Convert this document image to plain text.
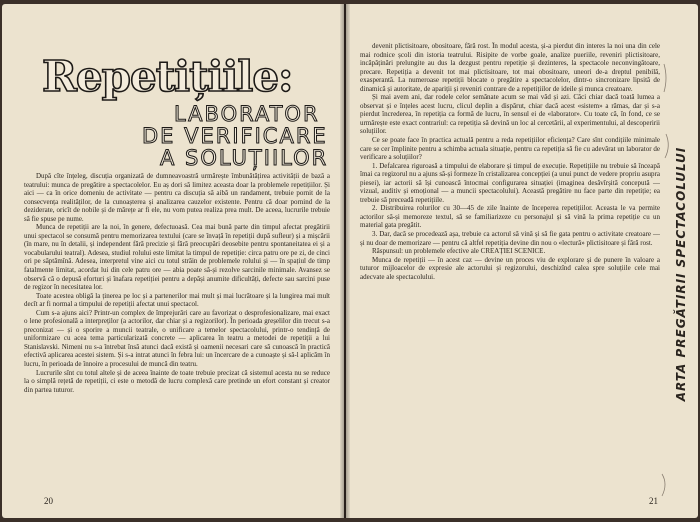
Repetițiile:
LABORATOR
DE VERIFICARE
A SOLUȚIILOR

După cîte înțeleg, discuția organizată de dumneavoastră urmărește îmbunătățirea activității de bază a teatrului: munca de pregătire a spectacolelor. Eu aș dori să limitez aceasta doar la problemele repetițiilor. Și aici — ca în orice domeniu de activitate — pentru ca discuția să aibă un randament, trebuie pornit de la consecvența realităților, de la cunoașterea și analizarea cauzelor existente. Pentru că doar pornind de la deziderate, oricît de nobile și de mărețe ar fi ele, nu vom putea realiza prea mult. De aceea, lucrurile trebuie să fie spuse pe nume.

Munca de repetiții are la noi, în genere, defectuoasă. Cea mai bună parte din timpul afectat pregătirii unui spectacol se consumă pentru memorizarea textului (care se învață în repetiții după sufleur) și a mișcării (în mare, nu în detalii, și independent fără precizie și fără preocupări deosebite pentru spontaneitatea ei și a vocabularului teatral). Adesea, studiul rolului este limitat la timpul de repetiție: circa patru ore pe zi, de cinci ori pe săptămînă. Adesea, interpretul vine aici cu totul străin de problemele rolului și — în spațiul de timp fatalmente limitat, acordat lui din cele patru ore — abia poate să-și rezolve sarcinile minimale. Avansez se observă că o depusă eforturi și înafara repetiției pentru a depăși anumite dificultăți, defecte sau sarcini puse de regizor în necesitatea lor.

Toate acestea obligă la ținerea pe loc și a partenerilor mai mult și mai lucrătoare și la lungirea mai mult decît ar fi normal a timpului de repetiții afectat unui spectacol.

Cum s-a ajuns aici? Printr-un complex de împrejurări care au favorizat o desprofesionalizare, mai exact o lene profesională a interpreților (a actorilor, dar chiar și a regizorilor). În perioada greșelilor din trecut s-a preconizat — și o sporire a muncii teatrale, o unificare a temelor spectacolului, printr-o tendință de uniformizare cu acea tema particularizată concrete — aplicarea în teatru a metodei de repetiții a lui Stanislavski. Nimeni nu s-a întrebat însă atunci dacă există și oamenii necesari care să cunoască în practică efectivă aplicarea acestei sistem. Și s-a intrat atunci în febra lui: un încercare de a cunoaște și să-l aplicăm în lucru, în perioada de înnoire a procesului de muncă din teatru.

Lucrurile sînt cu totul altele și de aceea înainte de toate trebuie precizat că sistemul acesta nu se reduce la o simplă rețetă de repetiții, ci este o metodă de lucru complexă care pretinde un efort constant și creator din partea tuturor.

20

devenit plictisitoare, obositoare, fără rost. În modul acesta, și-a pierdut din interes la noi una din cele mai rodnice școli din istoria teatrului. Risipite de vorbe goale, analize pueriile, reveniri plictisitoare, incăpăținări prelungite au dus la dezgust pentru repetiție și dezinteres, la spectacole neconvingătoare, precare. Repetiția a devenit tot mai plictisitoare, tot mai obositoare, uneori de-a dreptul penibilă, exasperantă. La numeroase repetiții blocate o pregătire a spectacolelor, dintr-o sincronizare lipsită de dinamică și autoritate, de apariții și reveniri contrare de a repetițiilor de ideile și munca creatoare.

Și mai avem ani, dar rodele celor semănate acum se mai văd și azi. Căci chiar dacă toată lumea a observat și e înțeles acest lucru, clicul deplin a dispărut, chiar dacă acest «sistem» a rămas, dar și s-a pierdut încrederea, în repetiția ca formă de lucru, în sensul ei de «laborator». Cu toate că, în fond, ce se urmărește este exact contrariul: ca repetiția să devină un loc al cercetării, al experimentului, al descoperirii soluțiilor.

Ce se poate face în practica actuală pentru a reda repetițiilor eficiența? Care sînt condițiile minimale care se cer împlinite pentru a schimba actuala situație, pentru ca repetiția să fie cu adevărat un laborator de verificare a soluțiilor?

1. Defalcarea riguroasă a timpului de elaborare și timpul de execuție. Repetițiile nu trebuie să înceapă îmai ca regizorul nu a ajuns să-și formeze în cristalizarea concepției (a unui punct de vedere propriu asupra piesei), iar actorii să își cunoască întocmai configurarea situației (imaginea desăvîrșită concepută — vizual, auditiv și emoțional — a muncii spectacolului). Această pregătire nu face parte din repetiție; ea trebuie să preceadă repetițiile.

2. Distribuirea rolurilor cu 30—45 de zile înainte de începerea repetițiilor. Aceasta le va permite actorilor să-și memoreze textul, să se familiarizeze cu personajul și să vină la prima repetiție cu un material gata pregătit.

3. Dar, dacă se procedează așa, trebuie ca actorul să vină și să fie gata pentru o activitate creatoare — și nu doar de memorizare — pentru că altfel repetiția devine din nou o «lectură» plictisitoare și fără rost.

Răspunsul: un problemele efective ale CREAȚIEI SCENICE.

Munca de repetiții — în acest caz — devine un proces viu de explorare și de punere în valoare a tuturor mijloacelor de expresie ale actorului și regizorului, deschizînd calea spre soluțiile cele mai adecvate ale spectacolului.	ARTA PREGĂTIRII SPECTACOLULUI
21
